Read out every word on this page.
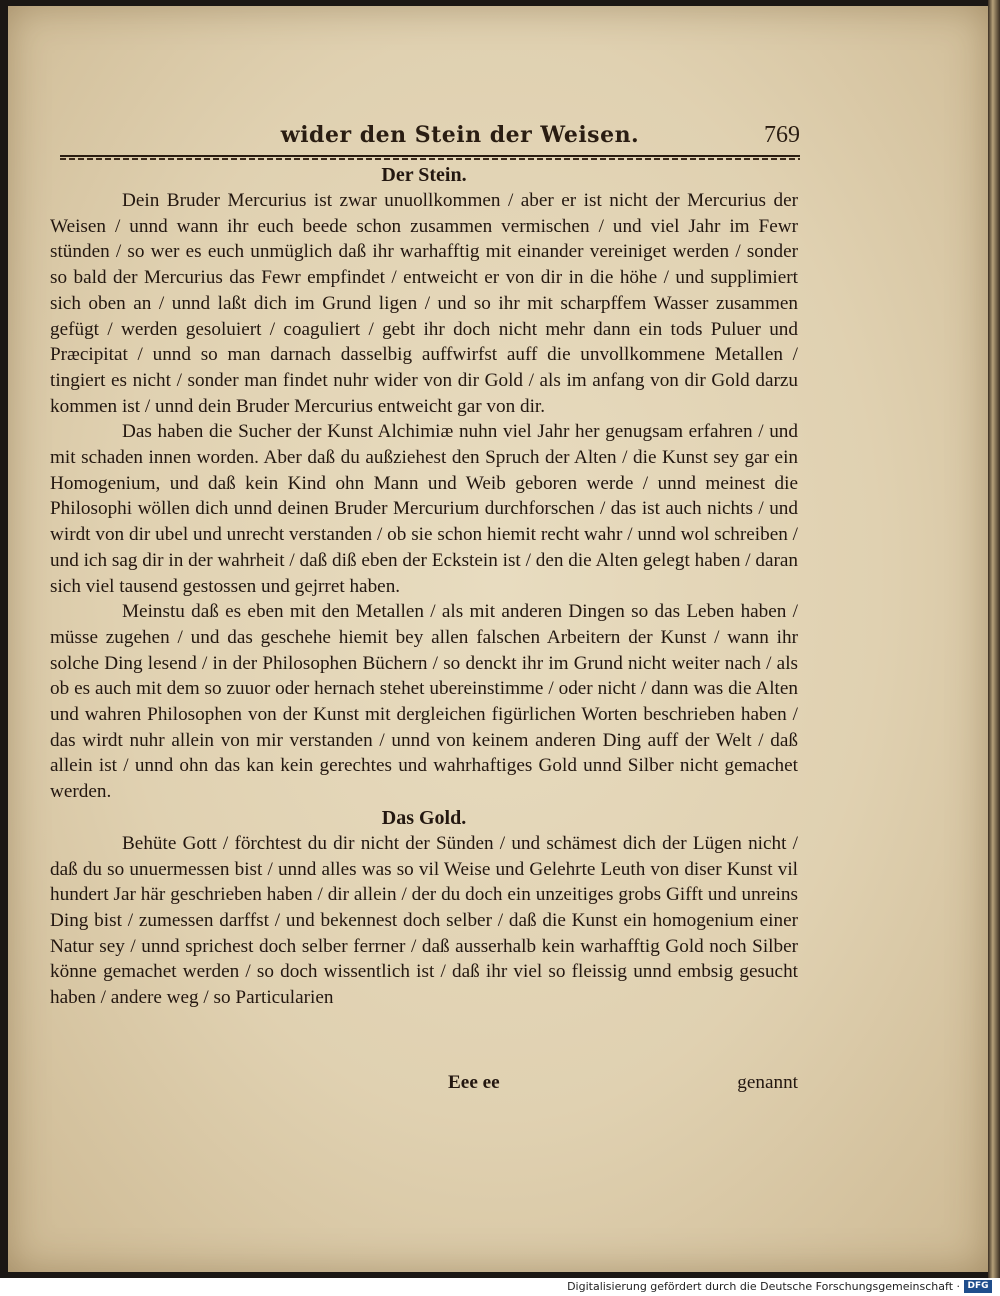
wider den Stein der Weisen.	769

Der Stein.

Dein Bruder Mercurius ist zwar unuollkommen / aber er ist nicht der Mercurius der Weisen / unnd wann ihr euch beede schon zusammen vermischen / und viel Jahr im Fewr stünden / so wer es euch unmüglich daß ihr warhafftig mit einander vereiniget werden / sonder so bald der Mercurius das Fewr empfindet / entweicht er von dir in die höhe / und supplimiert sich oben an / unnd laßt dich im Grund ligen / und so ihr mit scharpffem Wasser zusammen gefügt / werden gesoluiert / coaguliert / gebt ihr doch nicht mehr dann ein tods Puluer und Præcipitat / unnd so man darnach dasselbig auffwirfst auff die unvollkommene Metallen / tingiert es nicht / sonder man findet nuhr wider von dir Gold / als im anfang von dir Gold darzu kommen ist / unnd dein Bruder Mercurius entweicht gar von dir.

Das haben die Sucher der Kunst Alchimiæ nuhn viel Jahr her genugsam erfahren / und mit schaden innen worden. Aber daß du außziehest den Spruch der Alten / die Kunst sey gar ein Homogenium, und daß kein Kind ohn Mann und Weib geboren werde / unnd meinest die Philosophi wöllen dich unnd deinen Bruder Mercurium durchforschen / das ist auch nichts / und wirdt von dir ubel und unrecht verstanden / ob sie schon hiemit recht wahr / unnd wol schreiben / und ich sag dir in der wahrheit / daß diß eben der Eckstein ist / den die Alten gelegt haben / daran sich viel tausend gestossen und gejrret haben.

Meinstu daß es eben mit den Metallen / als mit anderen Dingen so das Leben haben / müsse zugehen / und das geschehe hiemit bey allen falschen Arbeitern der Kunst / wann ihr solche Ding lesend / in der Philosophen Büchern / so denckt ihr im Grund nicht weiter nach / als ob es auch mit dem so zuuor oder hernach stehet ubereinstimme / oder nicht / dann was die Alten und wahren Philosophen von der Kunst mit dergleichen figürlichen Worten beschrieben haben / das wirdt nuhr allein von mir verstanden / unnd von keinem anderen Ding auff der Welt / daß allein ist / unnd ohn das kan kein gerechtes und wahrhaftiges Gold unnd Silber nicht gemachet werden.

Das Gold.

Behüte Gott / förchtest du dir nicht der Sünden / und schämest dich der Lügen nicht / daß du so unuermessen bist / unnd alles was so vil Weise und Gelehrte Leuth von diser Kunst vil hundert Jar här geschrieben haben / dir allein / der du doch ein unzeitiges grobs Gifft und unreins Ding bist / zumessen darffst / und bekennest doch selber / daß die Kunst ein homogenium einer Natur sey / unnd sprichest doch selber ferrner / daß ausserhalb kein warhafftig Gold noch Silber könne gemachet werden / so doch wissentlich ist / daß ihr viel so fleissig unnd embsig gesucht haben / andere weg / so Particularien

Eee ee	genannt
Digitalisierung gefördert durch die Deutsche Forschungsgemeinschaft · DFG
